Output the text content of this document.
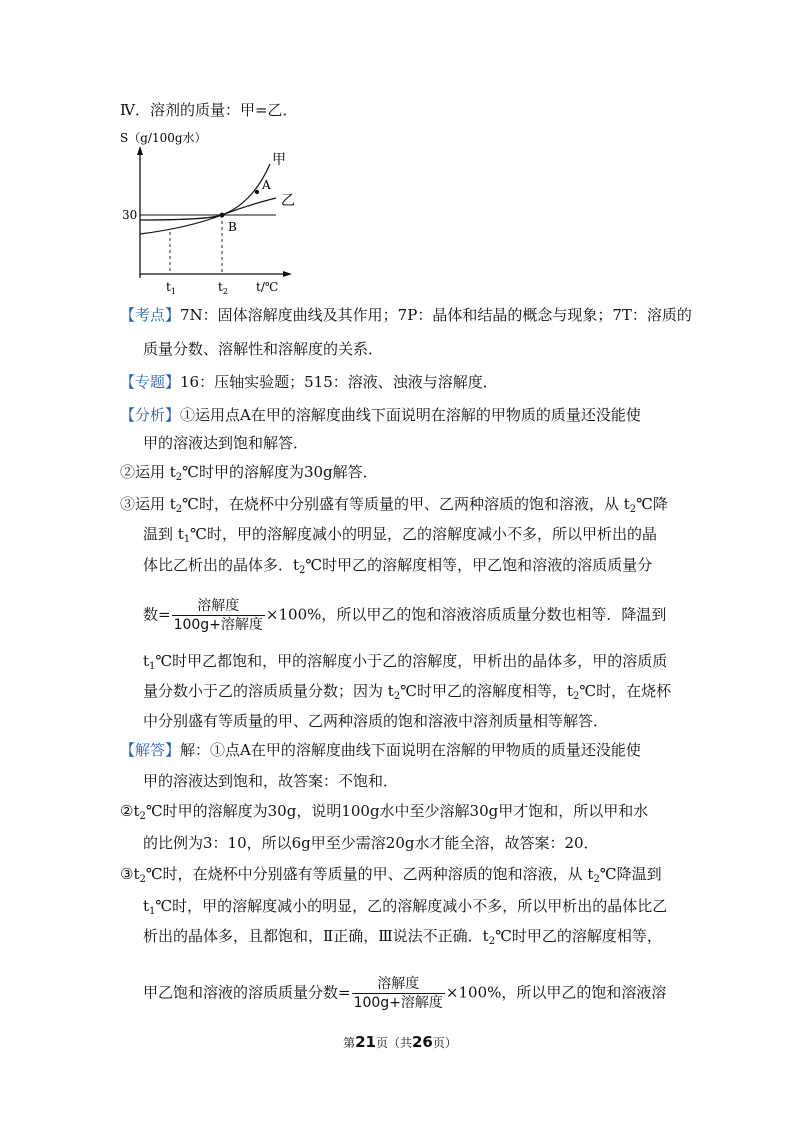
Ⅳ．溶剂的质量：甲=乙．
S（g/100g水）
30
甲
乙
A
B
$t_1$	$t_2$ t/℃
【考点】7N：固体溶解度曲线及其作用；7P：晶体和结晶的概念与现象；7T：溶质的
质量分数、溶解性和溶解度的关系．
【专题】16：压轴实验题；515：溶液、浊液与溶解度．
【分析】①运用点A在甲的溶解度曲线下面说明在溶解的甲物质的质量还没能使
甲的溶液达到饱和解答．
②运用 $t_2℃$时甲的溶解度为30g解答．
③运用 $t_2℃$时，在烧杯中分别盛有等质量的甲、乙两种溶质的饱和溶液，从 $t_2℃$降
温到 $t_1℃$时，甲的溶解度减小的明显，乙的溶解度减小不多，所以甲析出的晶
体比乙析出的晶体多．$t_2℃$时甲乙的溶解度相等，甲乙饱和溶液的溶质质量分
数= $\frac{\text{溶解度}}{\text{100g+溶解度}} \times 100\%$，所以甲乙的饱和溶液溶质质量分数也相等．降温到
$t_1℃$时甲乙都饱和，甲的溶解度小于乙的溶解度，甲析出的晶体多，甲的溶质质
量分数小于乙的溶质质量分数；因为 $t_2℃$时甲乙的溶解度相等，$t_2℃$时，在烧杯
中分别盛有等质量的甲、乙两种溶质的饱和溶液中溶剂质量相等解答．
【解答】解：①点A在甲的溶解度曲线下面说明在溶解的甲物质的质量还没能使
甲的溶液达到饱和，故答案：不饱和．
$②t_2℃$时甲的溶解度为30g，说明100g水中至少溶解30g甲才饱和，所以甲和水
的比例为3：10，所以6g甲至少需溶20g水才能全溶，故答案：20．
$③t_2℃$时，在烧杯中分别盛有等质量的甲、乙两种溶质的饱和溶液，从 $t_2℃$降温到
$t_1℃$时，甲的溶解度减小的明显，乙的溶解度减小不多，所以甲析出的晶体比乙
析出的晶体多，且都饱和，Ⅱ正确，Ⅲ说法不正确．$t_2℃$时甲乙的溶解度相等，
甲乙饱和溶液的溶质质量分数= $\frac{\text{溶解度}}{\text{100g+溶解度}} \times 100\%$，所以甲乙的饱和溶液溶
第21页（共26页）
